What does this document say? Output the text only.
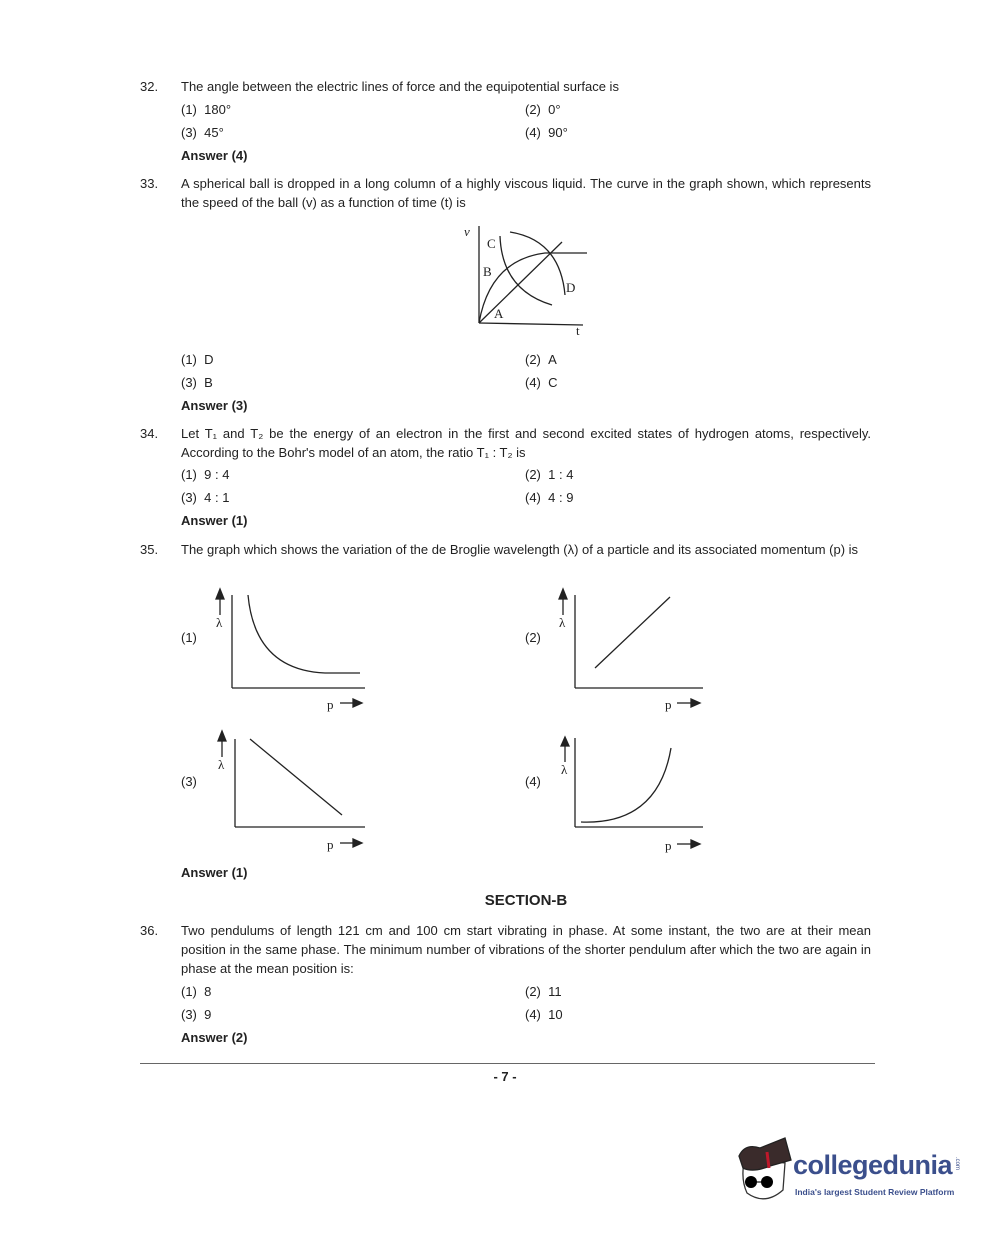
32. The angle between the electric lines of force and the equipotential surface is
(1) 180°	(2) 0°
(3) 45°	(4) 90°
Answer (4)
33. A spherical ball is dropped in a long column of a highly viscous liquid. The curve in the graph shown, which represents the speed of the ball (v) as a function of time (t) is
v
t
A
B
C
D
(1) D	(2) A
(3) B	(4) C
Answer (3)
34. Let T₁ and T₂ be the energy of an electron in the first and second excited states of hydrogen atoms, respectively. According to the Bohr's model of an atom, the ratio T₁ : T₂ is
(1) 9 : 4	(2) 1 : 4
(3) 4 : 1	(4) 4 : 9
Answer (1)
35. The graph which shows the variation of the de Broglie wavelength (λ) of a particle and its associated momentum (p) is
(1)
λ
p
(2)
λ
p
(3)
λ
p
(4)
λ
p
Answer (1)
SECTION-B
36. Two pendulums of length 121 cm and 100 cm start vibrating in phase. At some instant, the two are at their mean position in the same phase. The minimum number of vibrations of the shorter pendulum after which the two are again in phase at the mean position is:
(1) 8	(2) 11
(3) 9	(4) 10
Answer (2)
- 7 -
collegedunia .com
India's largest Student Review Platform
